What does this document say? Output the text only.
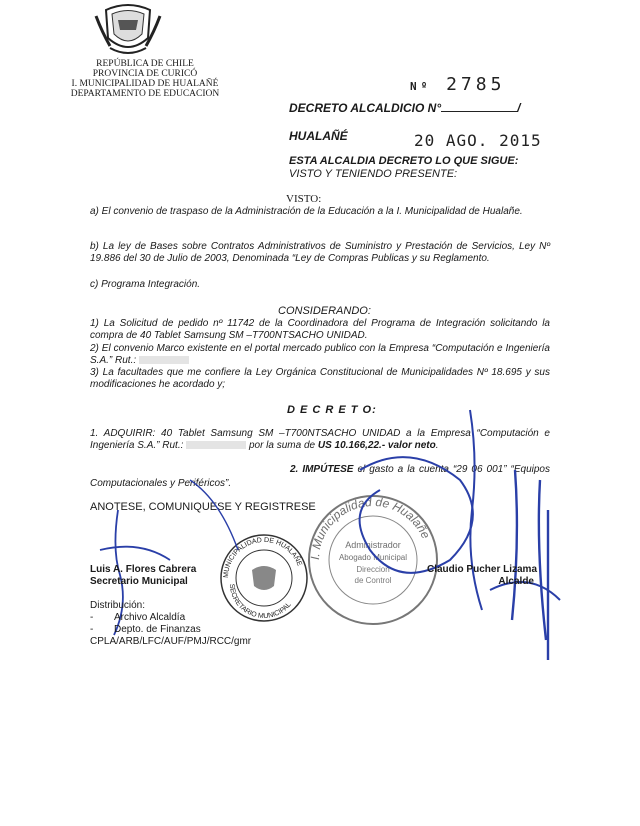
REPÚBLICA DE CHILE
PROVINCIA DE CURICÓ
I. MUNICIPALIDAD DE HUALAÑÉ
DEPARTAMENTO DE EDUCACION
Nº 2785
DECRETO ALCALDICIO N°	/
HUALAÑÉ	20 AGO. 2015
ESTA ALCALDIA DECRETO LO QUE SIGUE:
VISTO Y TENIENDO PRESENTE:
VISTO:
a) El convenio de traspaso de la Administración de la Educación a la I. Municipalidad de Hualañe.
b) La ley de Bases sobre Contratos Administrativos de Suministro y Prestación de Servicios, Ley Nº 19.886 del 30 de Julio de 2003, Denominada “Ley de Compras Publicas y su Reglamento.
c) Programa Integración.
CONSIDERANDO:
1) La Solicitud de pedido nº 11742 de la Coordinadora del Programa de Integración solicitando la compra de 40 Tablet Samsung SM –T700NTSACHO UNIDAD.
2) El convenio Marco existente en el portal mercado publico con la Empresa “Computación e Ingeniería S.A.” Rut.:
3) La facultades que me confiere la Ley Orgánica Constitucional de Municipalidades Nº 18.695 y sus modificaciones he acordado y;
D E C R E T O:
1. ADQUIRIR: 40 Tablet Samsung SM –T700NTSACHO UNIDAD a la Empresa “Computación e Ingeniería S.A.” Rut.:	por la suma de US 10.166,22.- valor neto.
2. IMPÚTESE el gasto a la cuenta “29 06 001” “Equipos Computacionales y Periféricos”.
ANOTESE, COMUNIQUESE Y REGISTRESE
MUNICIPALIDAD DE HUALAÑE
SECRETARIO MUNICIPAL
I. Municipalidad de Hualañe
Administrador
Abogado Municipal
Direccion
de Control
Luis A. Flores Cabrera
Secretario Municipal
Claudio Pucher Lizama
Alcalde
Distribución:
-	Archivo Alcaldía
-	Depto. de Finanzas
CPLA/ARB/LFC/AUF/PMJ/RCC/gmr
